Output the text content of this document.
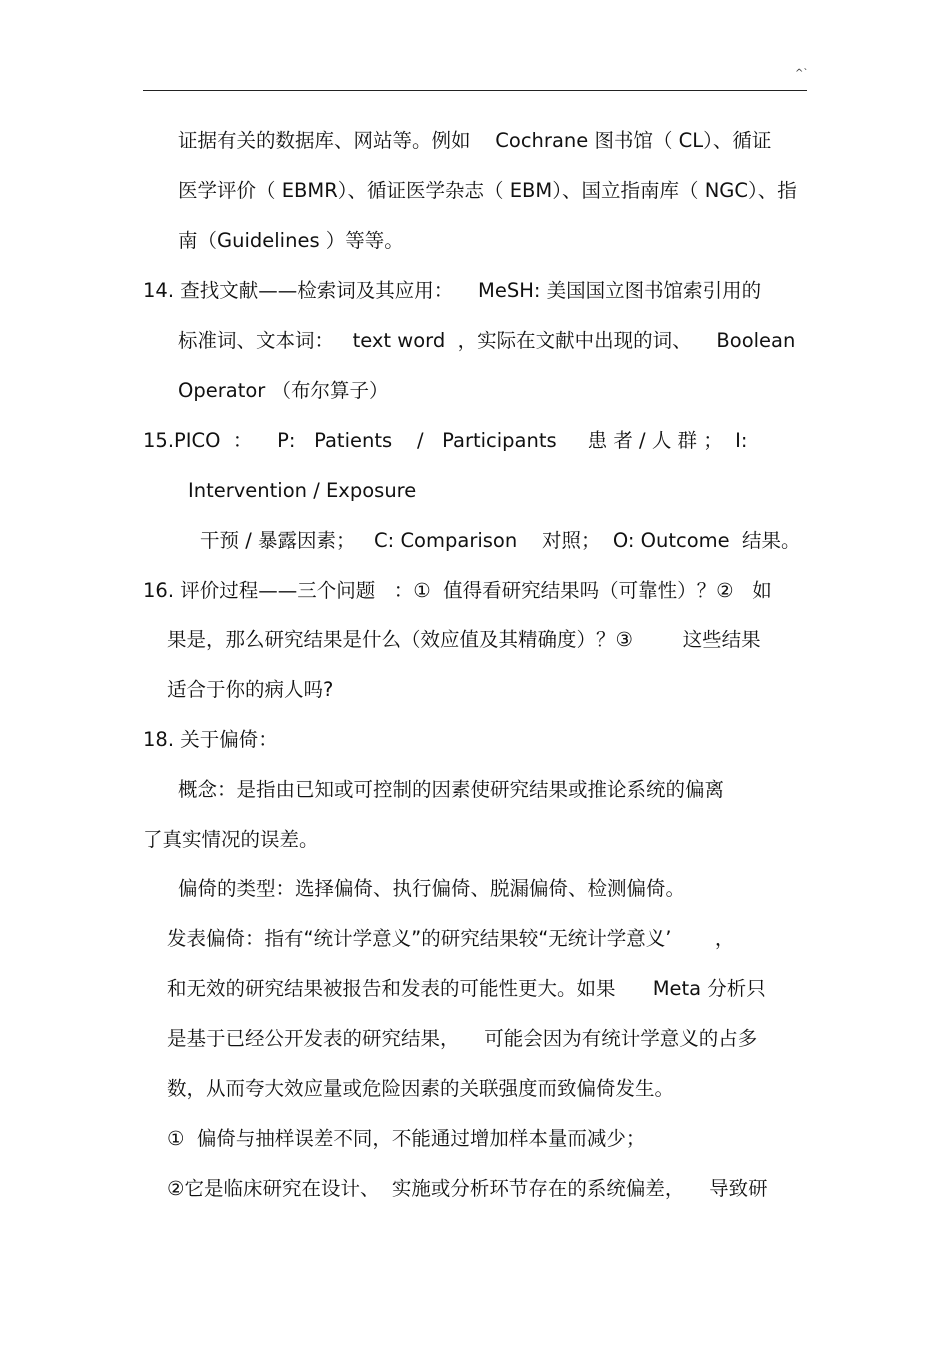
^`
证据有关的数据库、网站等。例如    Cochrane 图书馆（ CL）、循证
医学评价（ EBMR）、循证医学杂志（ EBM）、国立指南库（ NGC）、指
南（Guidelines ）等等。
14. 查找文献——检索词及其应用：    MeSH: 美国国立图书馆索引用的
标准词、文本词：   text word  ，实际在文献中出现的词、    Boolean
Operator （布尔算子）
15.PICO  ：    P:   Patients    /   Participants     患 者 / 人 群 ；  I:
Intervention / Exposure
干预 / 暴露因素；   C: Comparison    对照；  O: Outcome  结果。
16. 评价过程——三个问题   ：①  值得看研究结果吗（可靠性）？②   如
果是，那么研究结果是什么（效应值及其精确度）？③        这些结果
适合于你的病人吗?
18. 关于偏倚：
概念：是指由已知或可控制的因素使研究结果或推论系统的偏离
了真实情况的误差。
偏倚的类型：选择偏倚、执行偏倚、脱漏偏倚、检测偏倚。
发表偏倚：指有“统计学意义”的研究结果较“无统计学意义’       ，
和无效的研究结果被报告和发表的可能性更大。如果      Meta 分析只
是基于已经公开发表的研究结果，    可能会因为有统计学意义的占多
数，从而夸大效应量或危险因素的关联强度而致偏倚发生。
①  偏倚与抽样误差不同，不能通过增加样本量而减少；
②它是临床研究在设计、  实施或分析环节存在的系统偏差，    导致研
